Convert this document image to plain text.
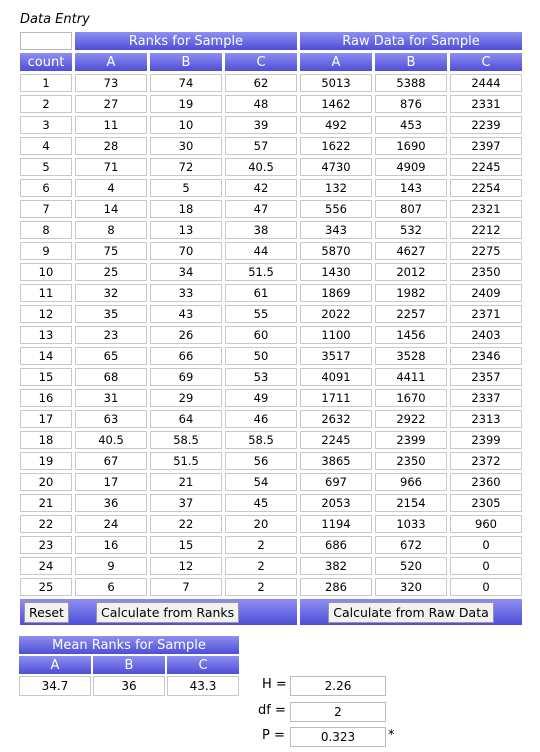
Data Entry
	Ranks for Sample			Raw Data for Sample		
count	A	B	C	A	B	C

1	73	74	62	5013	5388	2444

2	27	19	48	1462	876	2331

3	11	10	39	492	453	2239

4	28	30	57	1622	1690	2397

5	71	72	40.5	4730	4909	2245

6	4	5	42	132	143	2254

7	14	18	47	556	807	2321

8	8	13	38	343	532	2212

9	75	70	44	5870	4627	2275

10	25	34	51.5	1430	2012	2350

11	32	33	61	1869	1982	2409

12	35	43	55	2022	2257	2371

13	23	26	60	1100	1456	2403

14	65	66	50	3517	3528	2346

15	68	69	53	4091	4411	2357

16	31	29	49	1711	1670	2337

17	63	64	46	2632	2922	2313

18	40.5	58.5	58.5	2245	2399	2399

19	67	51.5	56	3865	2350	2372

20	17	21	54	697	966	2360

21	36	37	45	2053	2154	2305

22	24	22	20	1194	1033	960

23	16	15	2	686	672	0

24	9	12	2	382	520	0

25	6	7	2	286	320	0

Reset Calculate from Ranks				Calculate from Raw Data		
Mean Ranks for Sample		
A	B	C

34.7	36	43.3	H =	2.26
df =	2
P =	0.323	*
